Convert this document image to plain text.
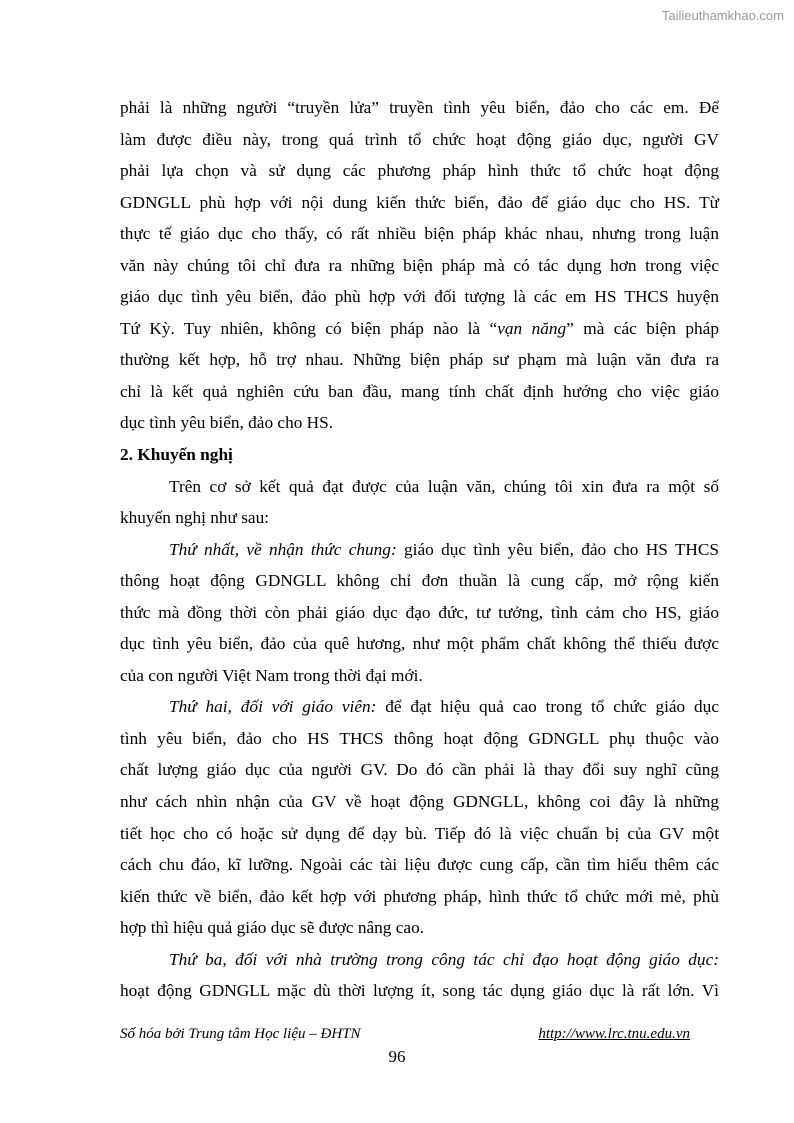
Tailieuthamkhao.com
phải là những người “truyền lửa” truyền tình yêu biển, đảo cho các em. Để
làm được điều này, trong quá trình tổ chức hoạt động giáo dục, người GV
phải lựa chọn và sử dụng các phương pháp hình thức tổ chức hoạt động
GDNGLL phù hợp với nội dung kiến thức biển, đảo để giáo dục cho HS. Từ
thực tế giáo dục cho thấy, có rất nhiều biện pháp khác nhau, nhưng trong luận
văn này chúng tôi chỉ đưa ra những biện pháp mà có tác dụng hơn trong việc
giáo dục tình yêu biển, đảo phù hợp với đối tượng là các em HS THCS huyện
Tứ Kỳ. Tuy nhiên, không có biện pháp nào là “vạn năng” mà các biện pháp
thường kết hợp, hỗ trợ nhau. Những biện pháp sư phạm mà luận văn đưa ra
chỉ là kết quả nghiên cứu ban đầu, mang tính chất định hướng cho việc giáo
dục tình yêu biển, đảo cho HS.
2. Khuyến nghị
Trên cơ sở kết quả đạt được của luận văn, chúng tôi xin đưa ra một số
khuyến nghị như sau:
Thứ nhất, về nhận thức chung: giáo dục tình yêu biển, đảo cho HS THCS
thông hoạt động GDNGLL không chỉ đơn thuần là cung cấp, mở rộng kiến
thức mà đồng thời còn phải giáo dục đạo đức, tư tưởng, tình cảm cho HS, giáo
dục tình yêu biển, đảo của quê hương, như một phẩm chất không thể thiếu được
của con người Việt Nam trong thời đại mới.
Thứ hai, đối với giáo viên: để đạt hiệu quả cao trong tổ chức giáo dục
tình yêu biển, đảo cho HS THCS thông hoạt động GDNGLL phụ thuộc vào
chất lượng giáo dục của người GV. Do đó cần phải là thay đổi suy nghĩ cũng
như cách nhìn nhận của GV về hoạt động GDNGLL, không coi đây là những
tiết học cho có hoặc sử dụng để dạy bù. Tiếp đó là việc chuẩn bị của GV một
cách chu đáo, kĩ lưỡng. Ngoài các tài liệu được cung cấp, cần tìm hiểu thêm các
kiến thức về biển, đảo kết hợp với phương pháp, hình thức tổ chức mới mẻ, phù
hợp thì hiệu quả giáo dục sẽ được nâng cao.
Thứ ba, đối với nhà trường trong công tác chỉ đạo hoạt động giáo dục:
hoạt động GDNGLL mặc dù thời lượng ít, song tác dụng giáo dục là rất lớn. Vì
Số hóa bởi Trung tâm Học liệu – ĐHTN	http://www.lrc.tnu.edu.vn
96
